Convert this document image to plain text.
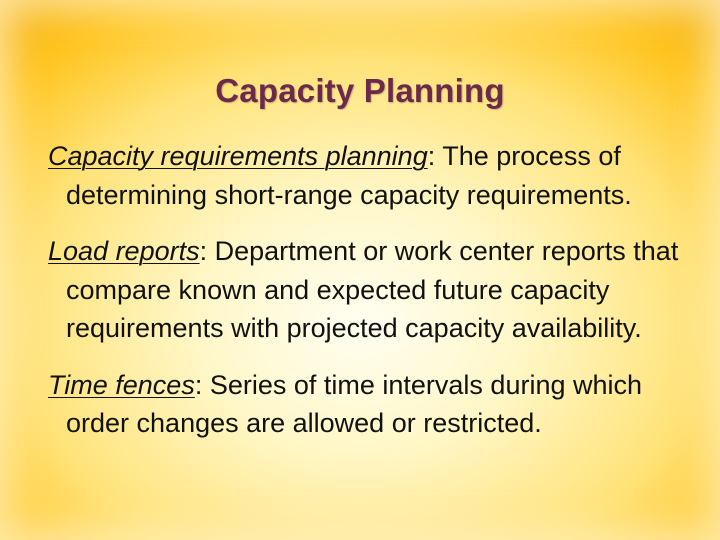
Capacity Planning

Capacity requirements planning: The process of determining short-range capacity requirements.

Load reports: Department or work center reports that compare known and expected future capacity requirements with projected capacity availability.

Time fences: Series of time intervals during which order changes are allowed or restricted.
